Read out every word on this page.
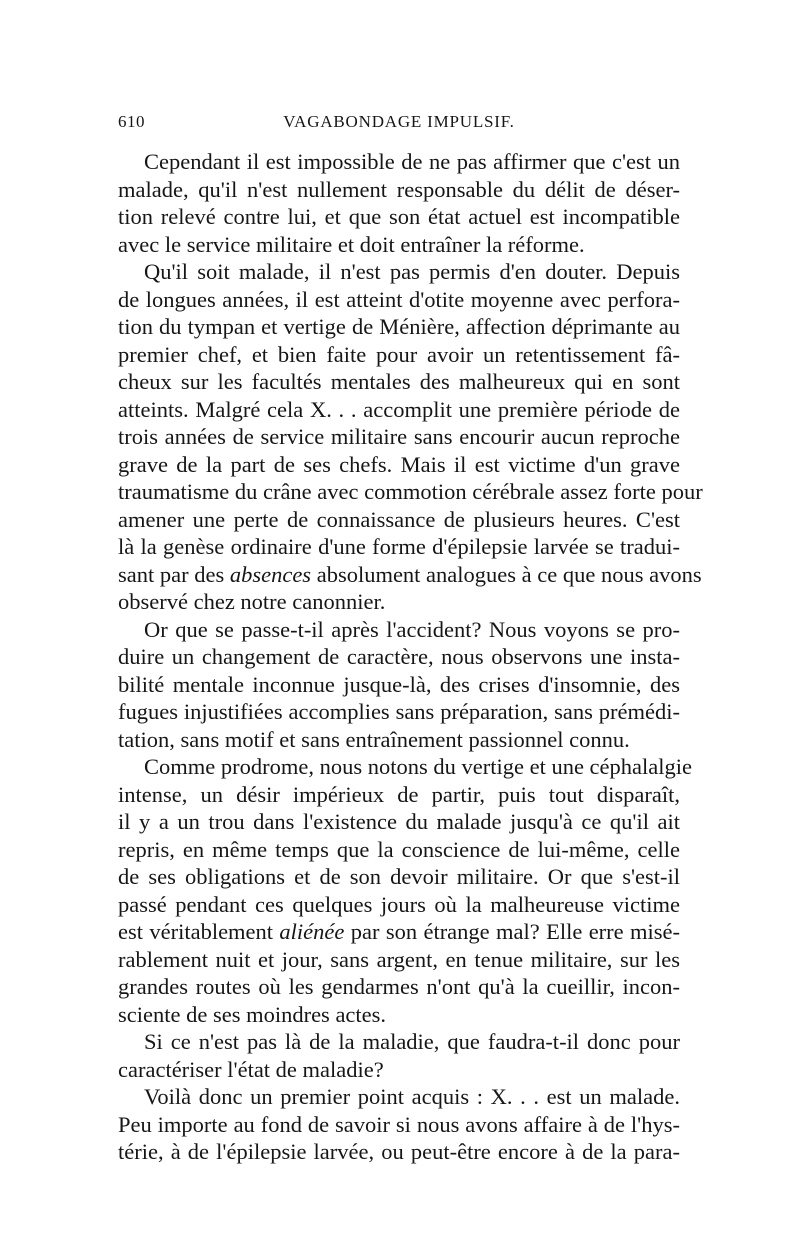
610	VAGABONDAGE IMPULSIF.
Cependant il est impossible de ne pas affirmer que c'est un
malade, qu'il n'est nullement responsable du délit de déser-
tion relevé contre lui, et que son état actuel est incompatible
avec le service militaire et doit entraîner la réforme.
Qu'il soit malade, il n'est pas permis d'en douter. Depuis
de longues années, il est atteint d'otite moyenne avec perfora-
tion du tympan et vertige de Ménière, affection déprimante au
premier chef, et bien faite pour avoir un retentissement fâ-
cheux sur les facultés mentales des malheureux qui en sont
atteints. Malgré cela X. . . accomplit une première période de
trois années de service militaire sans encourir aucun reproche
grave de la part de ses chefs. Mais il est victime d'un grave
traumatisme du crâne avec commotion cérébrale assez forte pour
amener une perte de connaissance de plusieurs heures. C'est
là la genèse ordinaire d'une forme d'épilepsie larvée se tradui-
sant par des absences absolument analogues à ce que nous avons
observé chez notre canonnier.
Or que se passe-t-il après l'accident? Nous voyons se pro-
duire un changement de caractère, nous observons une insta-
bilité mentale inconnue jusque-là, des crises d'insomnie, des
fugues injustifiées accomplies sans préparation, sans prémédi-
tation, sans motif et sans entraînement passionnel connu.
Comme prodrome, nous notons du vertige et une céphalalgie
intense, un désir impérieux de partir, puis tout disparaît,
il y a un trou dans l'existence du malade jusqu'à ce qu'il ait
repris, en même temps que la conscience de lui-même, celle
de ses obligations et de son devoir militaire. Or que s'est-il
passé pendant ces quelques jours où la malheureuse victime
est véritablement aliénée par son étrange mal? Elle erre misé-
rablement nuit et jour, sans argent, en tenue militaire, sur les
grandes routes où les gendarmes n'ont qu'à la cueillir, incon-
sciente de ses moindres actes.
Si ce n'est pas là de la maladie, que faudra-t-il donc pour
caractériser l'état de maladie?
Voilà donc un premier point acquis : X. . . est un malade.
Peu importe au fond de savoir si nous avons affaire à de l'hys-
térie, à de l'épilepsie larvée, ou peut-être encore à de la para-
